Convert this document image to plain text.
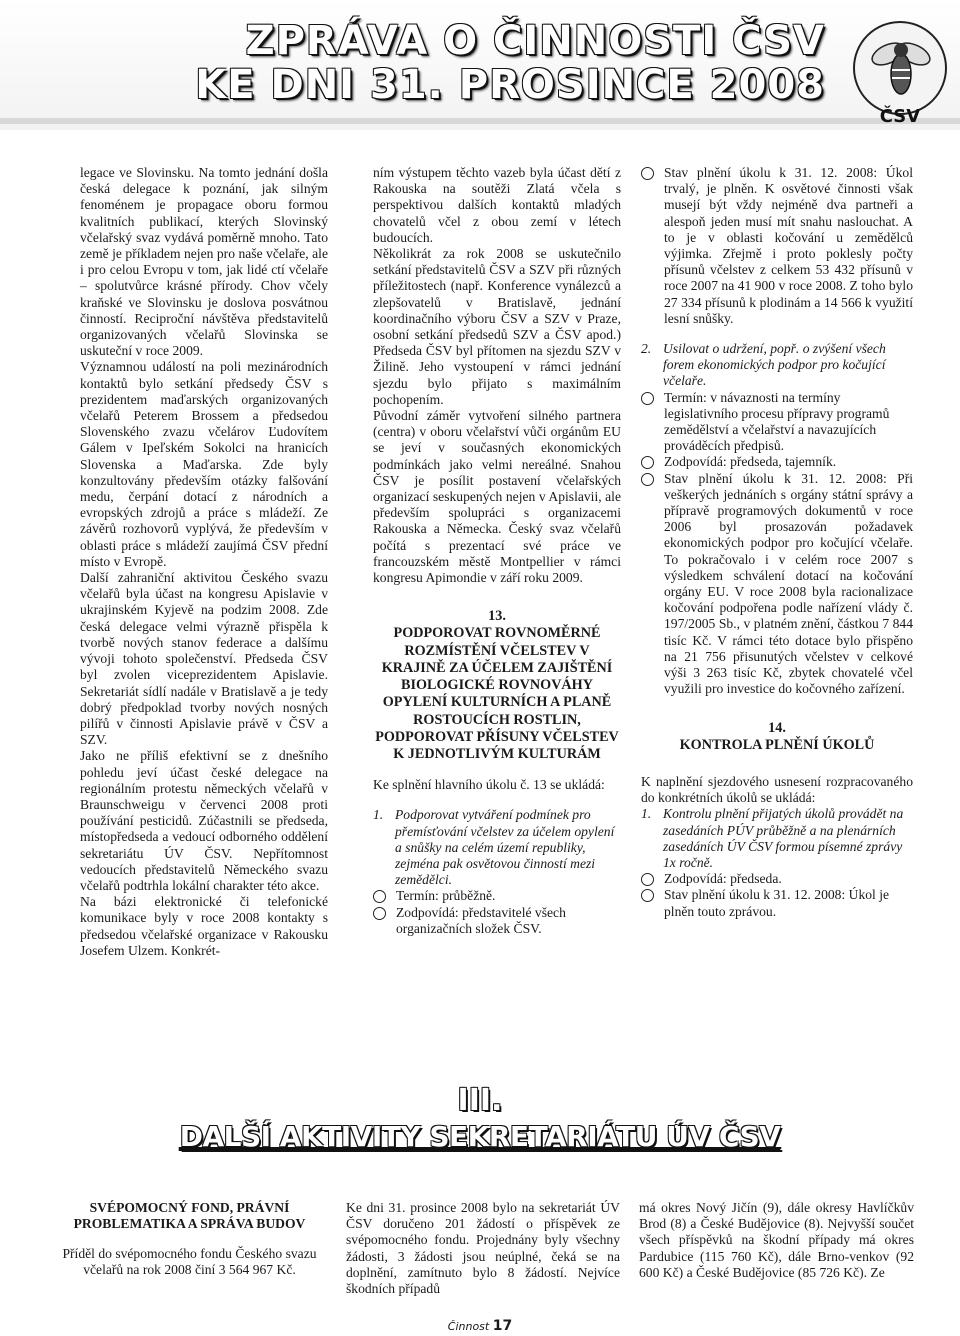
ZPRÁVA O ČINNOSTI ČSV
KE DNI 31. PROSINCE 2008
ČSV

legace ve Slovinsku. Na tomto jednání došla česká delegace k poznání, jak silným fenoménem je propagace oboru formou kvalitních publikací, kterých Slovinský včelařský svaz vydává poměrně mnoho. Tato země je příkladem nejen pro naše včelaře, ale i pro celou Evropu v tom, jak lidé ctí včelaře – spolutvůrce krásné přírody. Chov včely kraňské ve Slovinsku je doslova posvátnou činností. Reciproční návštěva představitelů organizovaných včelařů Slovinska se uskuteční v roce 2009.

Významnou událostí na poli mezinárodních kontaktů bylo setkání předsedy ČSV s prezidentem maďarských organizovaných včelařů Peterem Brossem a předsedou Slovenského zvazu včelárov Ľudovítem Gálem v Ipeľském Sokolci na hranicích Slovenska a Maďarska. Zde byly konzultovány především otázky falšování medu, čerpání dotací z národních a evropských zdrojů a práce s mládeží. Ze závěrů rozhovorů vyplývá, že především v oblasti práce s mládeží zaujímá ČSV přední místo v Evropě.

Další zahraniční aktivitou Českého svazu včelařů byla účast na kongresu Apislavie v ukrajinském Kyjevě na podzim 2008. Zde česká delegace velmi výrazně přispěla k tvorbě nových stanov federace a dalšímu vývoji tohoto společenství. Předseda ČSV byl zvolen viceprezidentem Apislavie. Sekretariát sídlí nadále v Bratislavě a je tedy dobrý předpoklad tvorby nových nosných pilířů v činnosti Apislavie právě v ČSV a SZV.

Jako ne příliš efektivní se z dnešního pohledu jeví účast české delegace na regionálním protestu německých včelařů v Braunschweigu v červenci 2008 proti používání pesticidů. Zúčastnili se předseda, místopředseda a vedoucí odborného oddělení sekretariátu ÚV ČSV. Nepřítomnost vedoucích představitelů Německého svazu včelařů podtrhla lokální charakter této akce.

Na bázi elektronické či telefonické komunikace byly v roce 2008 kontakty s předsedou včelařské organizace v Rakousku Josefem Ulzem. Konkrét-

ním výstupem těchto vazeb byla účast dětí z Rakouska na soutěži Zlatá včela s perspektivou dalších kontaktů mladých chovatelů včel z obou zemí v létech budoucích.

Několikrát za rok 2008 se uskutečnilo setkání představitelů ČSV a SZV při různých příležitostech (např. Konference vynálezců a zlepšovatelů v Bratislavě, jednání koordinačního výboru ČSV a SZV v Praze, osobní setkání předsedů SZV a ČSV apod.) Předseda ČSV byl přítomen na sjezdu SZV v Žilině. Jeho vystoupení v rámci jednání sjezdu bylo přijato s maximálním pochopením.

Původní záměr vytvoření silného partnera (centra) v oboru včelařství vůči orgánům EU se jeví v současných ekonomických podmínkách jako velmi nereálné. Snahou ČSV je posílit postavení včelařských organizací seskupených nejen v Apislavii, ale především spolupráci s organizacemi Rakouska a Německa. Český svaz včelařů počítá s prezentací své práce ve francouzském městě Montpellier v rámci kongresu Apimondie v září roku 2009.

13.

PODPOROVAT ROVNOMĚRNÉ ROZMÍSTĚNÍ VČELSTEV V KRAJINĚ ZA ÚČELEM ZAJIŠTĚNÍ BIOLOGICKÉ ROVNOVÁHY OPYLENÍ KULTURNÍCH A PLANĚ ROSTOUCÍCH ROSTLIN, PODPOROVAT PŘÍSUNY VČELSTEV K JEDNOTLIVÝM KULTURÁM

Ke splnění hlavního úkolu č. 13 se ukládá:

1. Podporovat vytváření podmínek pro přemísťování včelstev za účelem opylení a snůšky na celém území republiky, zejména pak osvětovou činností mezi zemědělci.
Termín: průběžně.
Zodpovídá: představitelé všech organizačních složek ČSV.
Stav plnění úkolu k 31. 12. 2008: Úkol trvalý, je plněn. K osvětové činnosti však musejí být vždy nejméně dva partneři a alespoň jeden musí mít snahu naslouchat. A to je v oblasti kočování u zemědělců výjimka. Zřejmě i proto poklesly počty přísunů včelstev z celkem 53 432 přísunů v roce 2007 na 41 900 v roce 2008. Z toho bylo 27 334 přísunů k plodinám a 14 566 k využití lesní snůšky.
2. Usilovat o udržení, popř. o zvýšení všech forem ekonomických podpor pro kočující včelaře.
Termín: v návaznosti na termíny legislativního procesu přípravy programů zemědělství a včelařství a navazujících prováděcích předpisů.
Zodpovídá: předseda, tajemník.
Stav plnění úkolu k 31. 12. 2008: Při veškerých jednáních s orgány státní správy a přípravě programových dokumentů v roce 2006 byl prosazován požadavek ekonomických podpor pro kočující včelaře. To pokračovalo i v celém roce 2007 s výsledkem schválení dotací na kočování orgány EU. V roce 2008 byla racionalizace kočování podpořena podle nařízení vlády č. 197/2005 Sb., v platném znění, částkou 7 844 tisíc Kč. V rámci této dotace bylo přispěno na 21 756 přisunutých včelstev v celkové výši 3 263 tisíc Kč, zbytek chovatelé včel využili pro investice do kočovného zařízení.

14.

KONTROLA PLNĚNÍ ÚKOLŮ

K naplnění sjezdového usnesení rozpracovaného do konkrétních úkolů se ukládá:

1. Kontrolu plnění přijatých úkolů provádět na zasedáních PÚV průběžně a na plenárních zasedáních ÚV ČSV formou písemné zprávy 1x ročně.
Zodpovídá: předseda.
Stav plnění úkolu k 31. 12. 2008: Úkol je plněn touto zprávou.
III.
DALŠÍ AKTIVITY SEKRETARIÁTU ÚV ČSV

SVÉPOMOCNÝ FOND, PRÁVNÍ PROBLEMATIKA A SPRÁVA BUDOV

Příděl do svépomocného fondu Českého svazu včelařů na rok 2008 činí 3 564 967 Kč.

Ke dni 31. prosince 2008 bylo na sekretariát ÚV ČSV doručeno 201 žádostí o příspěvek ze svépomocného fondu. Projednány byly všechny žádosti, 3 žádosti jsou neúplné, čeká se na doplnění, zamítnuto bylo 8 žádostí. Nejvíce škodních případů

má okres Nový Jičín (9), dále okresy Havlíčkův Brod (8) a České Budějovice (8). Nejvyšší součet všech příspěvků na škodní případy má okres Pardubice (115 760 Kč), dále Brno-venkov (92 600 Kč) a České Budějovice (85 726 Kč). Ze

Činnost 17
